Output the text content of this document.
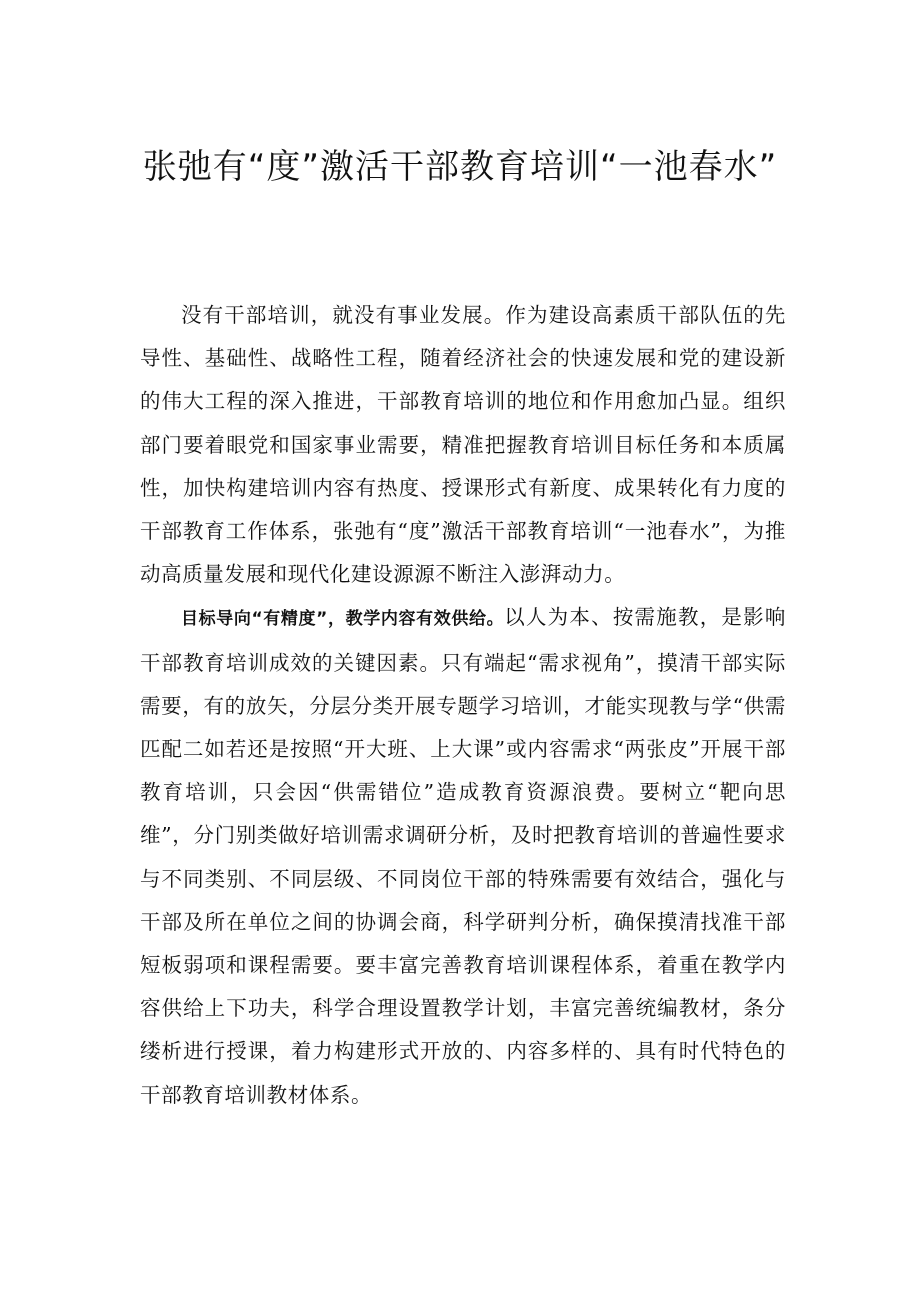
张弛有“度”激活干部教育培训“一池春水”

没有干部培训，就没有事业发展。作为建设高素质干部队伍的先导性、基础性、战略性工程，随着经济社会的快速发展和党的建设新的伟大工程的深入推进，干部教育培训的地位和作用愈加凸显。组织部门要着眼党和国家事业需要，精准把握教育培训目标任务和本质属性，加快构建培训内容有热度、授课形式有新度、成果转化有力度的干部教育工作体系，张弛有“度”激活干部教育培训“一池春水”，为推动高质量发展和现代化建设源源不断注入澎湃动力。

目标导向“有精度”，教学内容有效供给。以人为本、按需施教，是影响干部教育培训成效的关键因素。只有端起“需求视角”，摸清干部实际需要，有的放矢，分层分类开展专题学习培训，才能实现教与学“供需匹配二如若还是按照“开大班、上大课”或内容需求“两张皮”开展干部教育培训，只会因“供需错位”造成教育资源浪费。要树立“靶向思维”，分门别类做好培训需求调研分析，及时把教育培训的普遍性要求与不同类别、不同层级、不同岗位干部的特殊需要有效结合，强化与干部及所在单位之间的协调会商，科学研判分析，确保摸清找准干部短板弱项和课程需要。要丰富完善教育培训课程体系，着重在教学内容供给上下功夫，科学合理设置教学计划，丰富完善统编教材，条分缕析进行授课，着力构建形式开放的、内容多样的、具有时代特色的干部教育培训教材体系。
